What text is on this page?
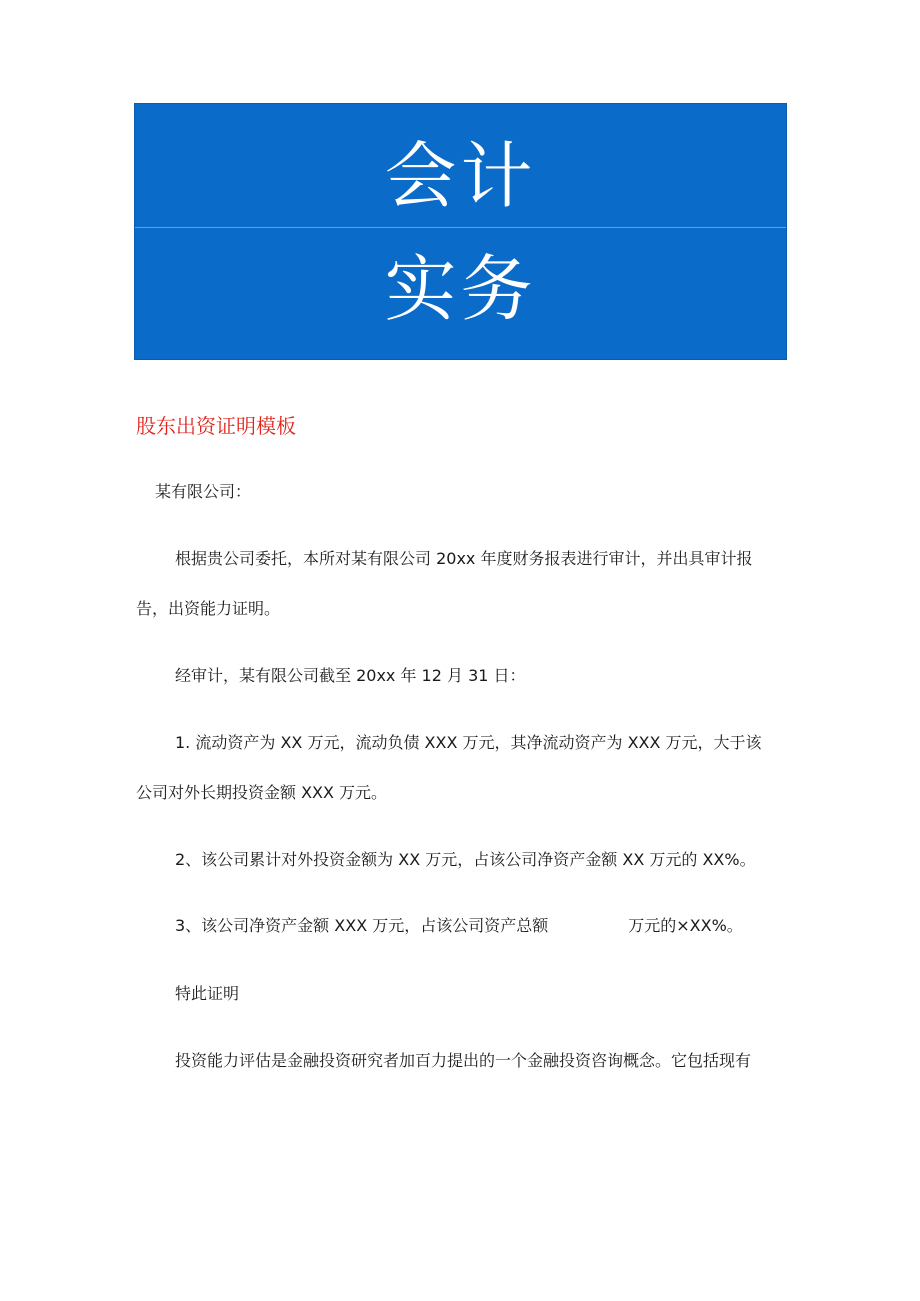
会计
实务
股东出资证明模板
某有限公司：
根据贵公司委托，本所对某有限公司 20xx 年度财务报表进行审计，并出具审计报
告，出资能力证明。
经审计，某有限公司截至 20xx 年 12 月 31 日：
1. 流动资产为 XX 万元，流动负债 XXX 万元，其净流动资产为 XXX 万元，大于该
公司对外长期投资金额 XXX 万元。
2、该公司累计对外投资金额为 XX 万元，占该公司净资产金额 XX 万元的 XX%。
3、该公司净资产金额 XXX 万元，占该公司资产总额	万元的×XX%。
特此证明
投资能力评估是金融投资研究者加百力提出的一个金融投资咨询概念。它包括现有
